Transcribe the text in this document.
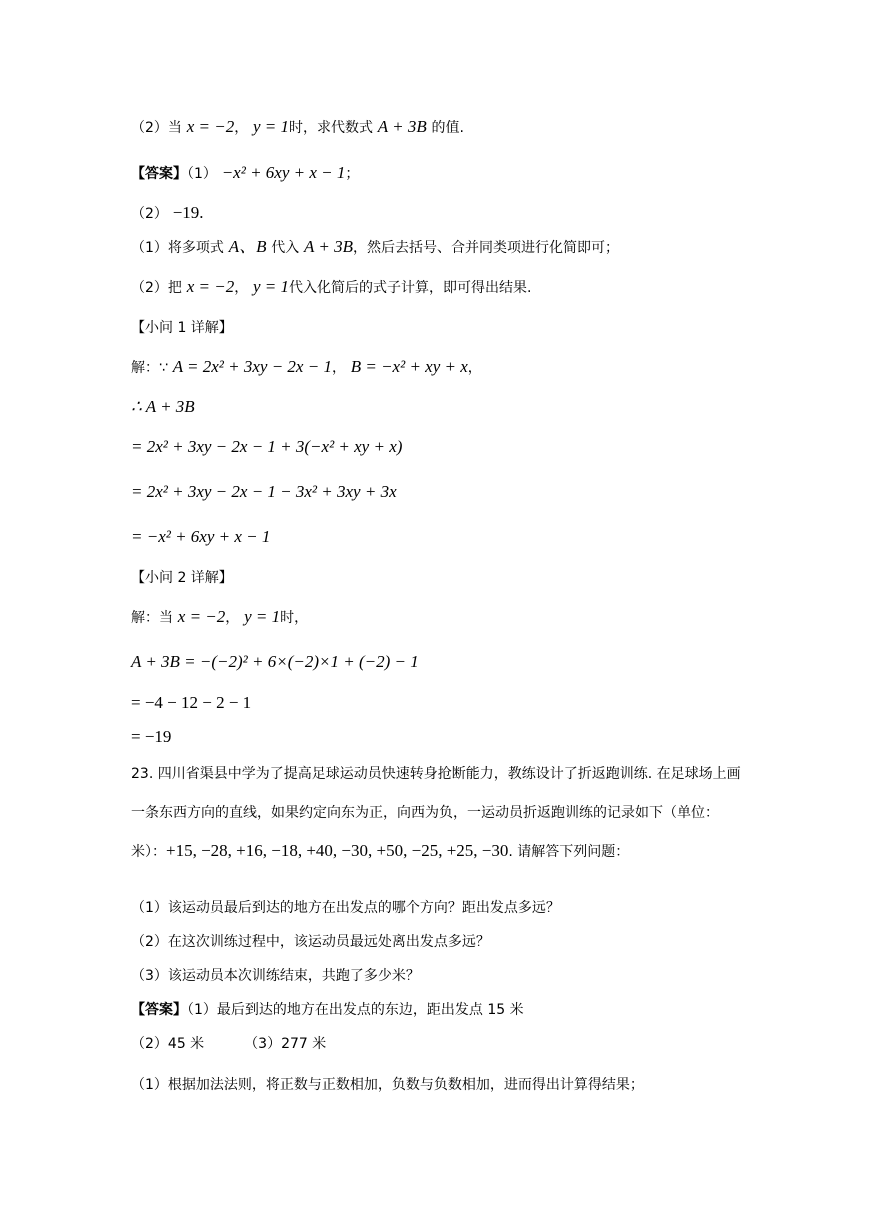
（2）当 x = −2， y = 1时，求代数式 A + 3B 的值.
【答案】（1） −x² + 6xy + x − 1；
（2） −19.
（1）将多项式 A、B 代入 A + 3B，然后去括号、合并同类项进行化简即可；
（2）把 x = −2， y = 1代入化简后的式子计算，即可得出结果.
【小问 1 详解】
解：∵ A = 2x² + 3xy − 2x − 1， B = −x² + xy + x，
∴ A + 3B
= 2x² + 3xy − 2x − 1 + 3(−x² + xy + x)
= 2x² + 3xy − 2x − 1 − 3x² + 3xy + 3x
= −x² + 6xy + x − 1
【小问 2 详解】
解：当 x = −2， y = 1时，
A + 3B = −(−2)² + 6×(−2)×1 + (−2) − 1
= −4 − 12 − 2 − 1
= −19
23. 四川省渠县中学为了提高足球运动员快速转身抢断能力，教练设计了折返跑训练. 在足球场上画一条东西方向的直线，如果约定向东为正，向西为负，一运动员折返跑训练的记录如下（单位：米）：+15, −28, +16, −18, +40, −30, +50, −25, +25, −30. 请解答下列问题：
（1）该运动员最后到达的地方在出发点的哪个方向？距出发点多远？
（2）在这次训练过程中，该运动员最远处离出发点多远？
（3）该运动员本次训练结束，共跑了多少米？
【答案】（1）最后到达的地方在出发点的东边，距出发点 15 米
（2）45 米	（3）277 米
（1）根据加法法则，将正数与正数相加，负数与负数相加，进而得出计算得结果；
